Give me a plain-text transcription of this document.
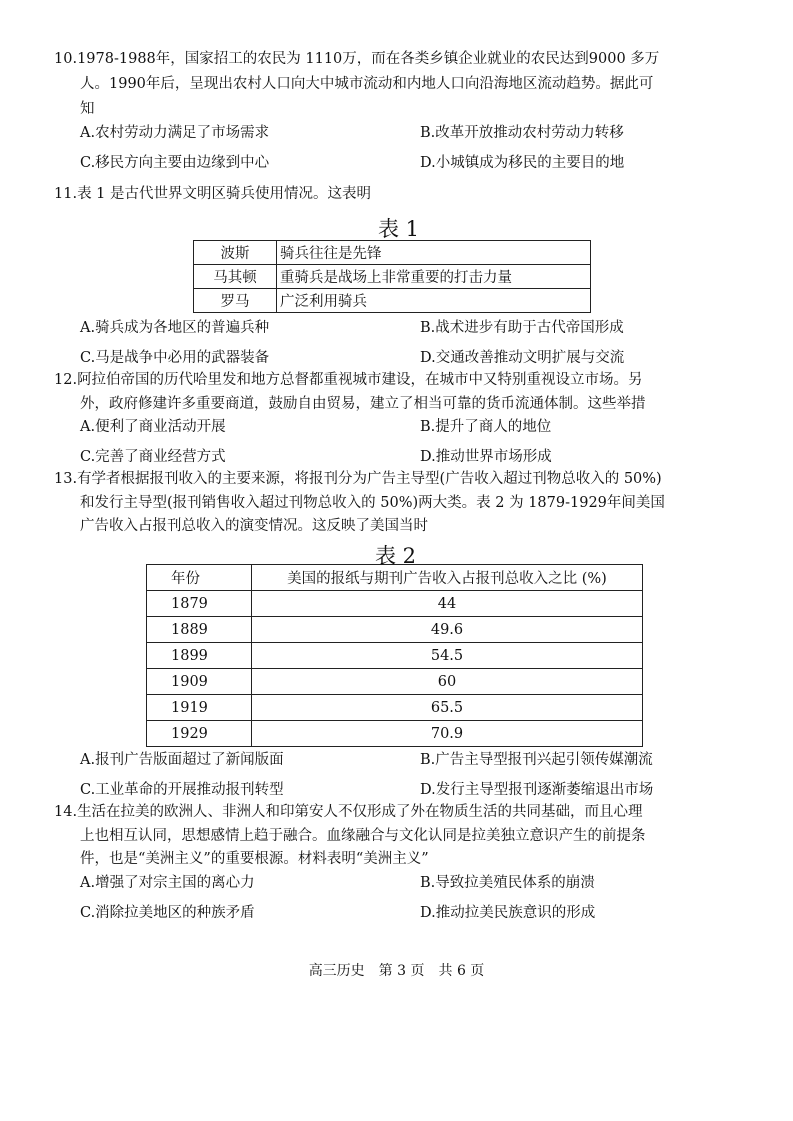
10.1978-1988年，国家招工的农民为 1110万，而在各类乡镇企业就业的农民达到9000 多万
人。1990年后，呈现出农村人口向大中城市流动和内地人口向沿海地区流动趋势。据此可
知
A.农村劳动力满足了市场需求	B.改革开放推动农村劳动力转移
C.移民方向主要由边缘到中心	D.小城镇成为移民的主要目的地
11.表 1 是古代世界文明区骑兵使用情况。这表明
表 1
波斯	骑兵往往是先锋
马其顿	重骑兵是战场上非常重要的打击力量
罗马	广泛利用骑兵
A.骑兵成为各地区的普遍兵种	B.战术进步有助于古代帝国形成
C.马是战争中必用的武器装备	D.交通改善推动文明扩展与交流
12.阿拉伯帝国的历代哈里发和地方总督都重视城市建设，在城市中又特别重视设立市场。另
外，政府修建许多重要商道，鼓励自由贸易，建立了相当可靠的货币流通体制。这些举措
A.便利了商业活动开展	B.提升了商人的地位
C.完善了商业经营方式	D.推动世界市场形成
13.有学者根据报刊收入的主要来源，将报刊分为广告主导型(广告收入超过刊物总收入的 50%)
和发行主导型(报刊销售收入超过刊物总收入的 50%)两大类。表 2 为 1879-1929年间美国
广告收入占报刊总收入的演变情况。这反映了美国当时
表 2
年份	美国的报纸与期刊广告收入占报刊总收入之比 (%)
1879	44
1889	49.6
1899	54.5
1909	60
1919	65.5
1929	70.9
A.报刊广告版面超过了新闻版面	B.广告主导型报刊兴起引领传媒潮流
C.工业革命的开展推动报刊转型	D.发行主导型报刊逐渐萎缩退出市场
14.生活在拉美的欧洲人、非洲人和印第安人不仅形成了外在物质生活的共同基础，而且心理
上也相互认同，思想感情上趋于融合。血缘融合与文化认同是拉美独立意识产生的前提条
件，也是“美洲主义”的重要根源。材料表明“美洲主义”
A.增强了对宗主国的离心力	B.导致拉美殖民体系的崩溃
C.消除拉美地区的种族矛盾	D.推动拉美民族意识的形成
高三历史　第 3 页　共 6 页
